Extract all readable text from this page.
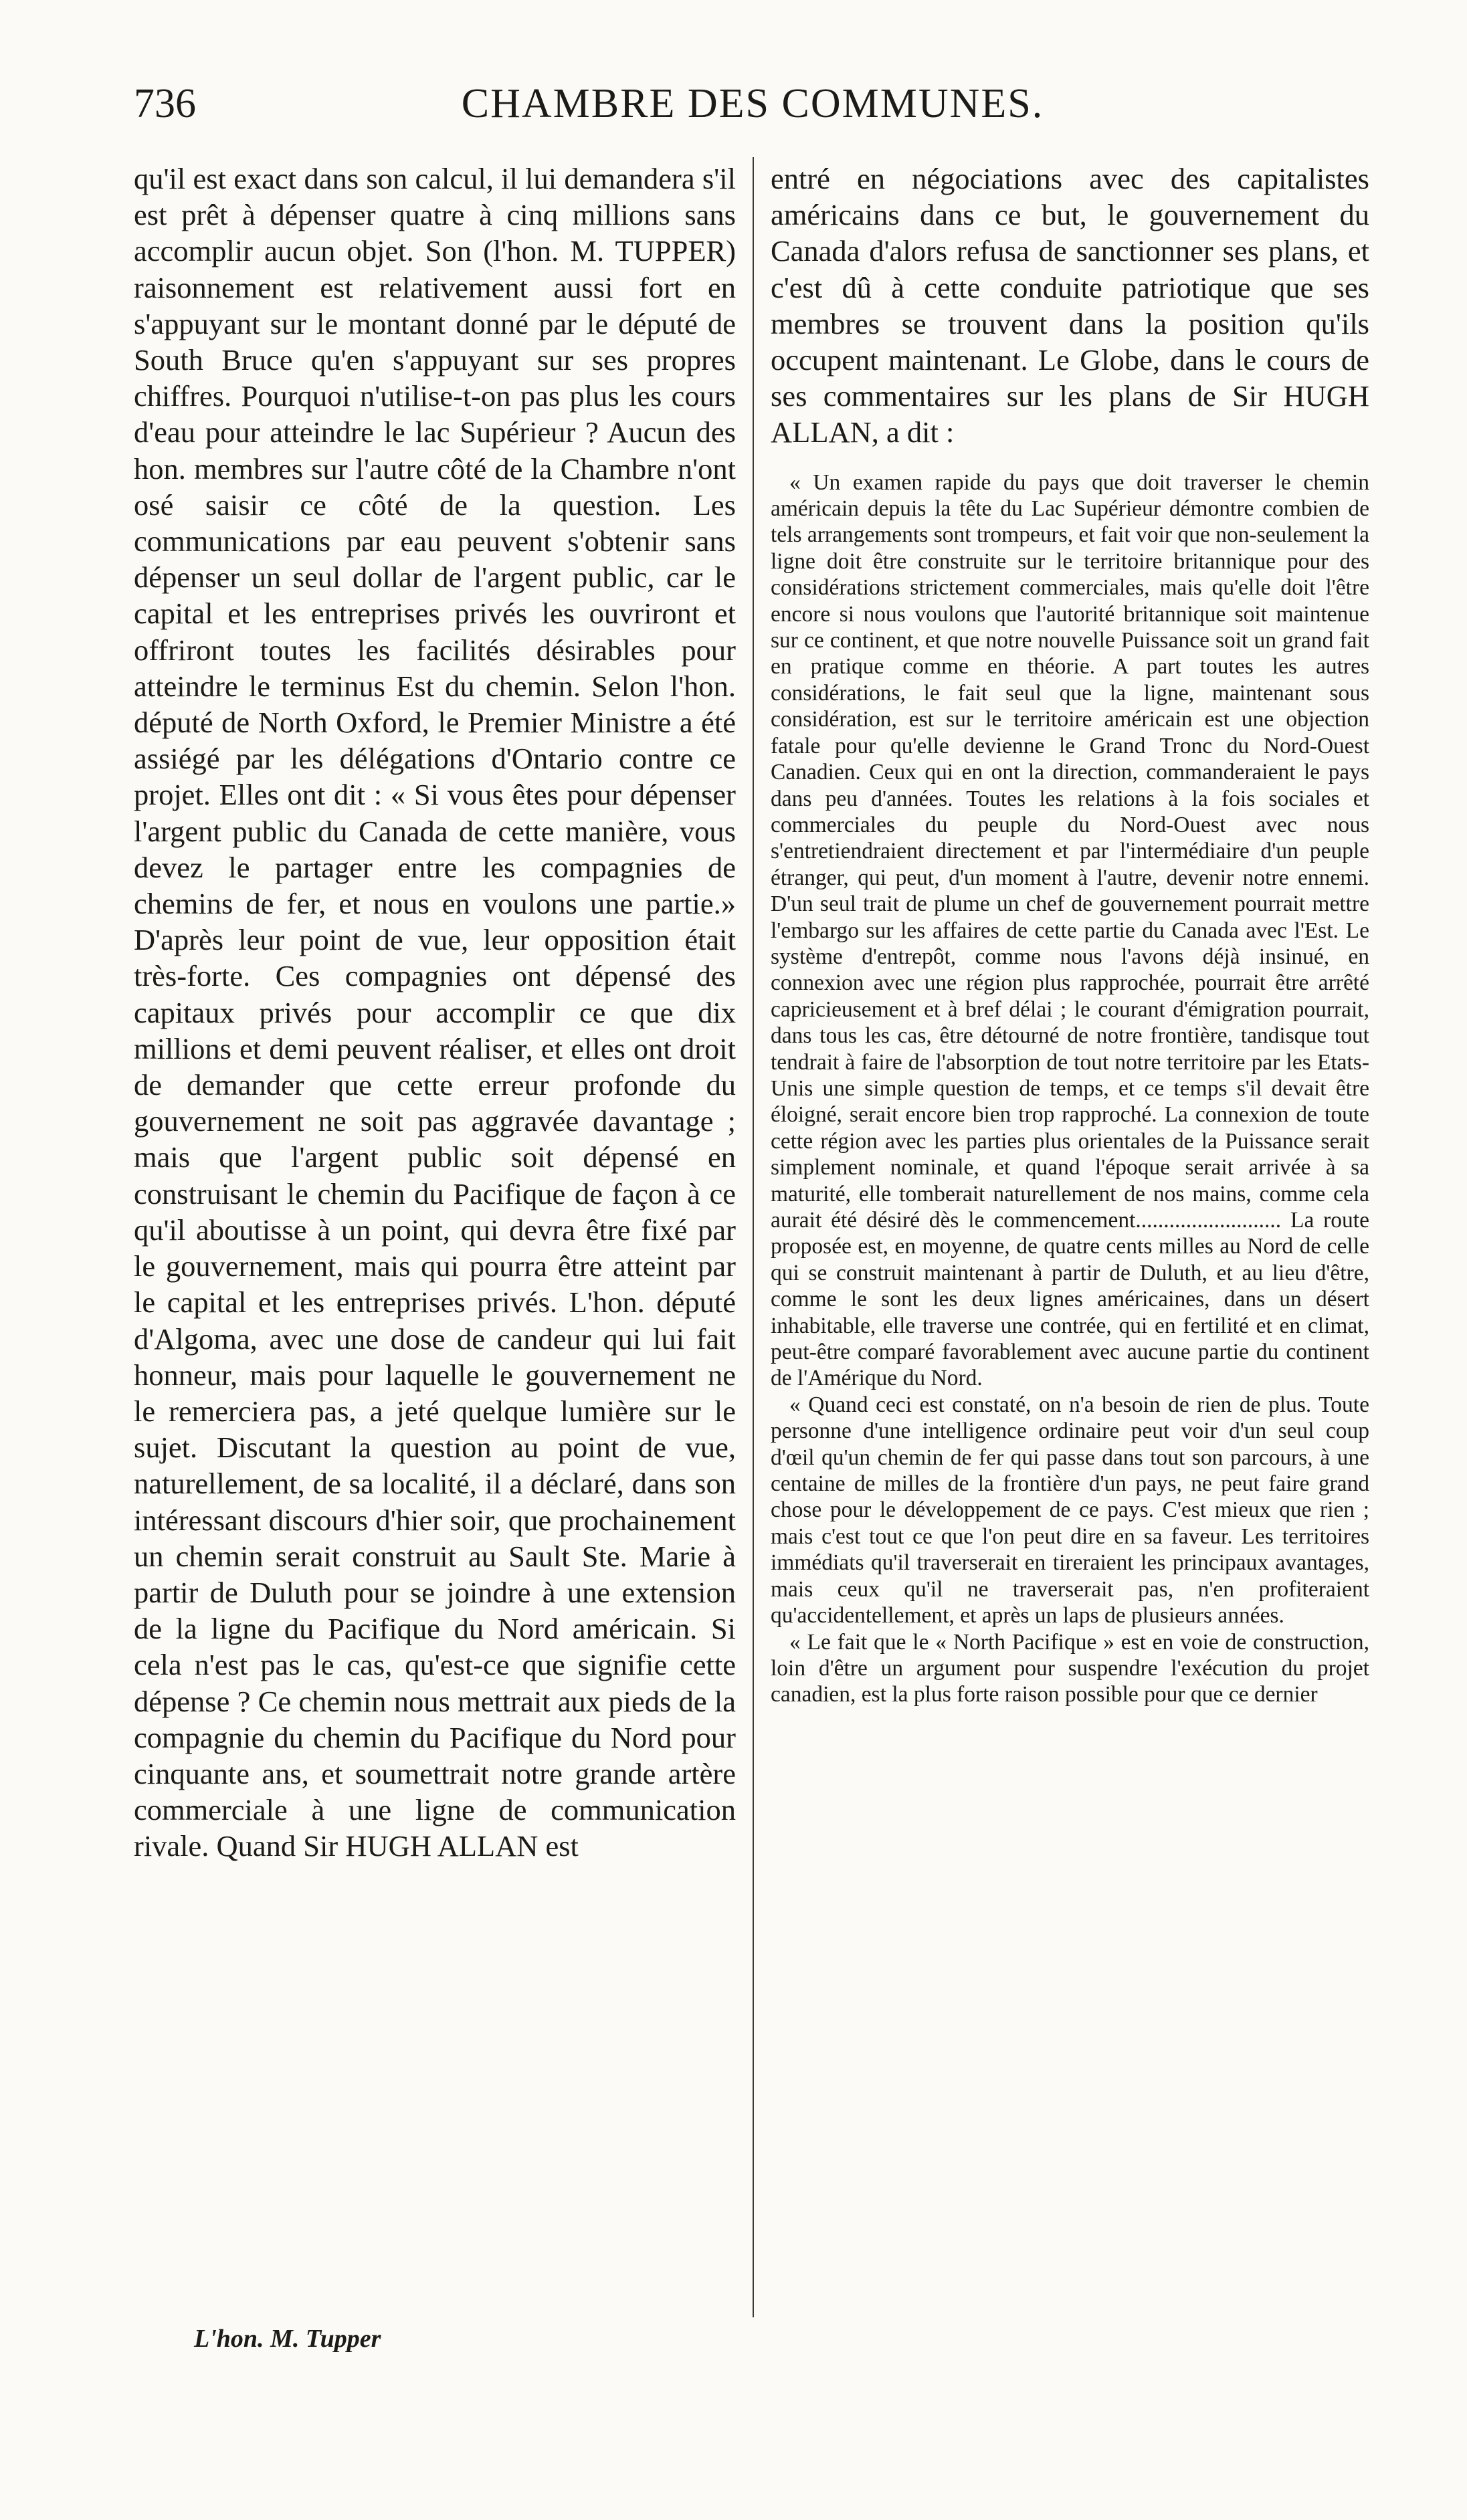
736	CHAMBRE DES COMMUNES.

qu'il est exact dans son calcul, il lui demandera s'il est prêt à dépenser quatre à cinq millions sans accomplir aucun objet. Son (l'hon. M. TUPPER) raisonnement est relativement aussi fort en s'appuyant sur le montant donné par le député de South Bruce qu'en s'appuyant sur ses propres chiffres. Pourquoi n'utilise-t-on pas plus les cours d'eau pour atteindre le lac Supérieur ? Aucun des hon. membres sur l'autre côté de la Chambre n'ont osé saisir ce côté de la question. Les communications par eau peuvent s'obtenir sans dépenser un seul dollar de l'argent public, car le capital et les entreprises privés les ouvriront et offriront toutes les facilités désirables pour atteindre le terminus Est du chemin. Selon l'hon. député de North Oxford, le Premier Ministre a été assiégé par les délégations d'Ontario contre ce projet. Elles ont dit : « Si vous êtes pour dépenser l'argent public du Canada de cette manière, vous devez le partager entre les compagnies de chemins de fer, et nous en voulons une partie.» D'après leur point de vue, leur opposition était très-forte. Ces compagnies ont dépensé des capitaux privés pour accomplir ce que dix millions et demi peuvent réaliser, et elles ont droit de demander que cette erreur profonde du gouvernement ne soit pas aggravée davantage ; mais que l'argent public soit dépensé en construisant le chemin du Pacifique de façon à ce qu'il aboutisse à un point, qui devra être fixé par le gouvernement, mais qui pourra être atteint par le capital et les entreprises privés. L'hon. député d'Algoma, avec une dose de candeur qui lui fait honneur, mais pour laquelle le gouvernement ne le remerciera pas, a jeté quelque lumière sur le sujet. Discutant la question au point de vue, naturellement, de sa localité, il a déclaré, dans son intéressant discours d'hier soir, que prochainement un chemin serait construit au Sault Ste. Marie à partir de Duluth pour se joindre à une extension de la ligne du Pacifique du Nord américain. Si cela n'est pas le cas, qu'est-ce que signifie cette dépense ? Ce chemin nous mettrait aux pieds de la compagnie du chemin du Pacifique du Nord pour cinquante ans, et soumettrait notre grande artère commerciale à une ligne de communication rivale. Quand Sir HUGH ALLAN est

entré en négociations avec des capitalistes américains dans ce but, le gouvernement du Canada d'alors refusa de sanctionner ses plans, et c'est dû à cette conduite patriotique que ses membres se trouvent dans la position qu'ils occupent maintenant. Le Globe, dans le cours de ses commentaires sur les plans de Sir HUGH ALLAN, a dit :

« Un examen rapide du pays que doit traverser le chemin américain depuis la tête du Lac Supérieur démontre combien de tels arrangements sont trompeurs, et fait voir que non-seulement la ligne doit être construite sur le territoire britannique pour des considérations strictement commerciales, mais qu'elle doit l'être encore si nous voulons que l'autorité britannique soit maintenue sur ce continent, et que notre nouvelle Puissance soit un grand fait en pratique comme en théorie. A part toutes les autres considérations, le fait seul que la ligne, maintenant sous considération, est sur le territoire américain est une objection fatale pour qu'elle devienne le Grand Tronc du Nord-Ouest Canadien. Ceux qui en ont la direction, commanderaient le pays dans peu d'années. Toutes les relations à la fois sociales et commerciales du peuple du Nord-Ouest avec nous s'entretiendraient directement et par l'intermédiaire d'un peuple étranger, qui peut, d'un moment à l'autre, devenir notre ennemi. D'un seul trait de plume un chef de gouvernement pourrait mettre l'embargo sur les affaires de cette partie du Canada avec l'Est. Le système d'entrepôt, comme nous l'avons déjà insinué, en connexion avec une région plus rapprochée, pourrait être arrêté capricieusement et à bref délai ; le courant d'émigration pourrait, dans tous les cas, être détourné de notre frontière, tandisque tout tendrait à faire de l'absorption de tout notre territoire par les Etats-Unis une simple question de temps, et ce temps s'il devait être éloigné, serait encore bien trop rapproché. La connexion de toute cette région avec les parties plus orientales de la Puissance serait simplement nominale, et quand l'époque serait arrivée à sa maturité, elle tomberait naturellement de nos mains, comme cela aurait été désiré dès le commencement.......................... La route proposée est, en moyenne, de quatre cents milles au Nord de celle qui se construit maintenant à partir de Duluth, et au lieu d'être, comme le sont les deux lignes américaines, dans un désert inhabitable, elle traverse une contrée, qui en fertilité et en climat, peut-être comparé favorablement avec aucune partie du continent de l'Amérique du Nord.

« Quand ceci est constaté, on n'a besoin de rien de plus. Toute personne d'une intelligence ordinaire peut voir d'un seul coup d'œil qu'un chemin de fer qui passe dans tout son parcours, à une centaine de milles de la frontière d'un pays, ne peut faire grand chose pour le développement de ce pays. C'est mieux que rien ; mais c'est tout ce que l'on peut dire en sa faveur. Les territoires immédiats qu'il traverserait en tireraient les principaux avantages, mais ceux qu'il ne traverserait pas, n'en profiteraient qu'accidentellement, et après un laps de plusieurs années.

« Le fait que le « North Pacifique » est en voie de construction, loin d'être un argument pour suspendre l'exécution du projet canadien, est la plus forte raison possible pour que ce dernier

L'hon. M. Tupper
